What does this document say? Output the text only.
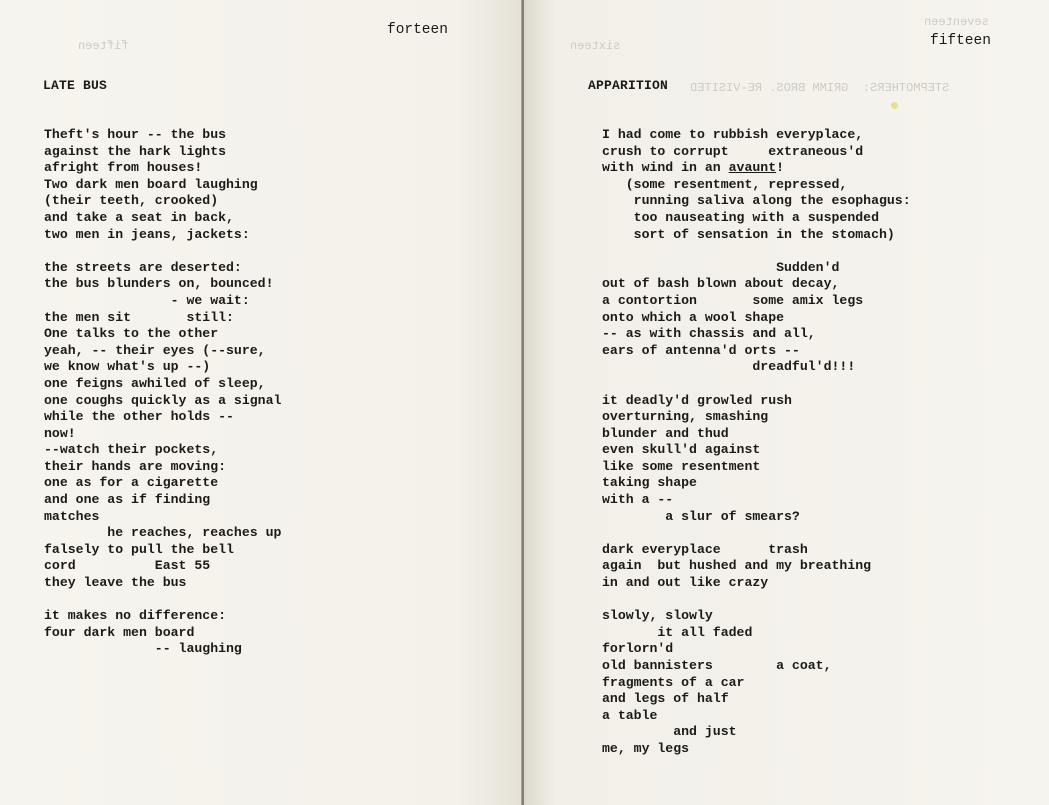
fifteen
forteen
LATE BUS
Theft's hour -- the bus
against the hark lights
afright from houses!
Two dark men board laughing
(their teeth, crooked)
and take a seat in back,
two men in jeans, jackets:
the streets are deserted:
the bus blunders on, bounced!
- we wait:
the men sit       still:
One talks to the other
yeah, -- their eyes (--sure,
we know what's up --)
one feigns awhiled of sleep,
one coughs quickly as a signal
while the other holds --
now!
--watch their pockets,
their hands are moving:
one as for a cigarette
and one as if finding
matches
he reaches, reaches up
falsely to pull the bell
cord          East 55
they leave the bus
it makes no difference:
four dark men board
-- laughing
sixteen
seventeen
STEPMOTHERS:  GRIMM BROS. RE-VISITED
fifteen
APPARITION
I had come to rubbish everyplace,
crush to corrupt     extraneous'd
with wind in an avaunt!
(some resentment, repressed,
running saliva along the esophagus:
too nauseating with a suspended
sort of sensation in the stomach)
Sudden'd
out of bash blown about decay,
a contortion       some amix legs
onto which a wool shape
-- as with chassis and all,
ears of antenna'd orts --
dreadful'd!!!
it deadly'd growled rush
overturning, smashing
blunder and thud
even skull'd against
like some resentment
taking shape
with a --
a slur of smears?
dark everyplace      trash
again  but hushed and my breathing
in and out like crazy
slowly, slowly
it all faded
forlorn'd
old bannisters        a coat,
fragments of a car
and legs of half
a table
and just
me, my legs
